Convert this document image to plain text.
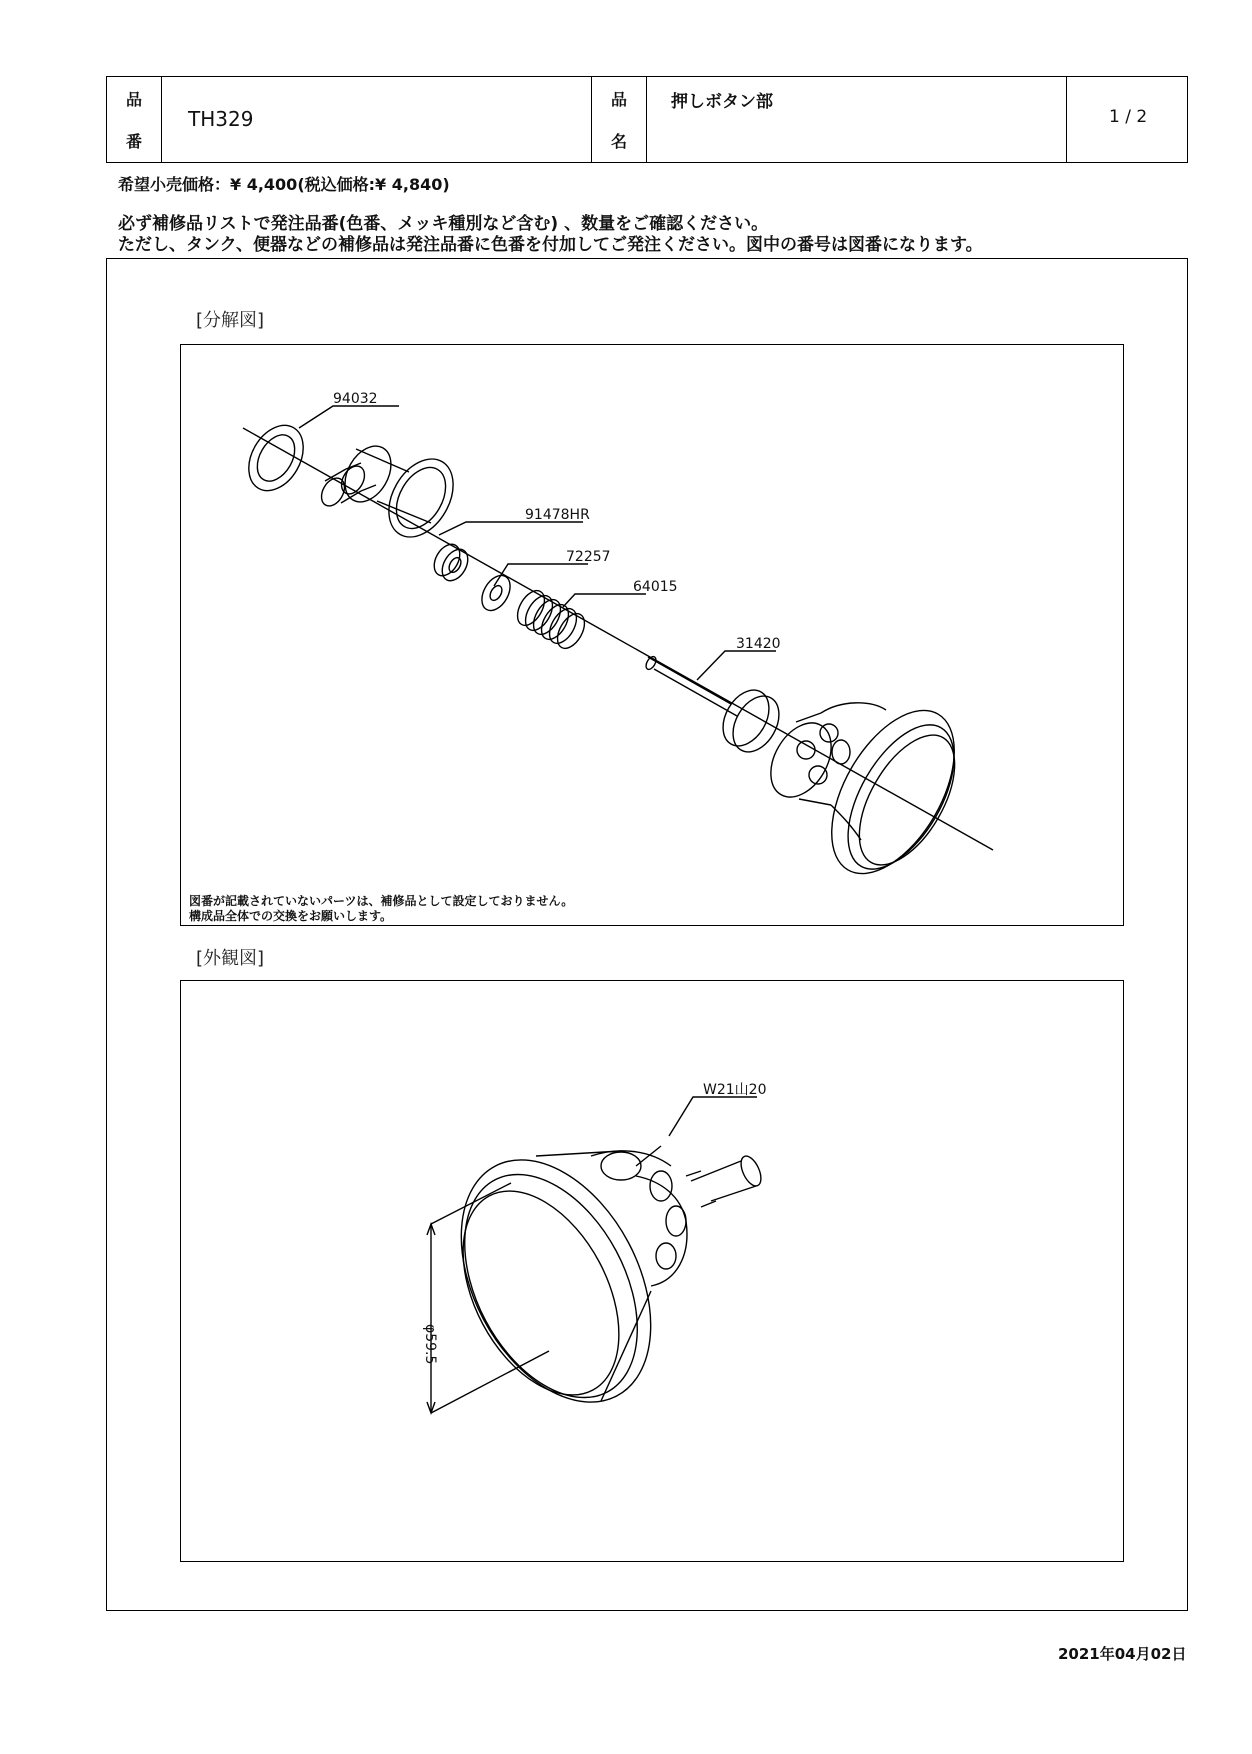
品
番
TH329
品
名
押しボタン部
1 / 2
希望小売価格：¥ 4,400(税込価格:¥ 4,840)
必ず補修品リストで発注品番(色番、メッキ種別など含む) 、数量をご確認ください。
ただし、タンク、便器などの補修品は発注品番に色番を付加してご発注ください。図中の番号は図番になります。
[分解図]
94032
91478HR
72257
64015
31420
図番が記載されていないパーツは、補修品として設定しておりません。
構成品全体での交換をお願いします。
[外観図]
W21山20
φ59.5
2021年04月02日
